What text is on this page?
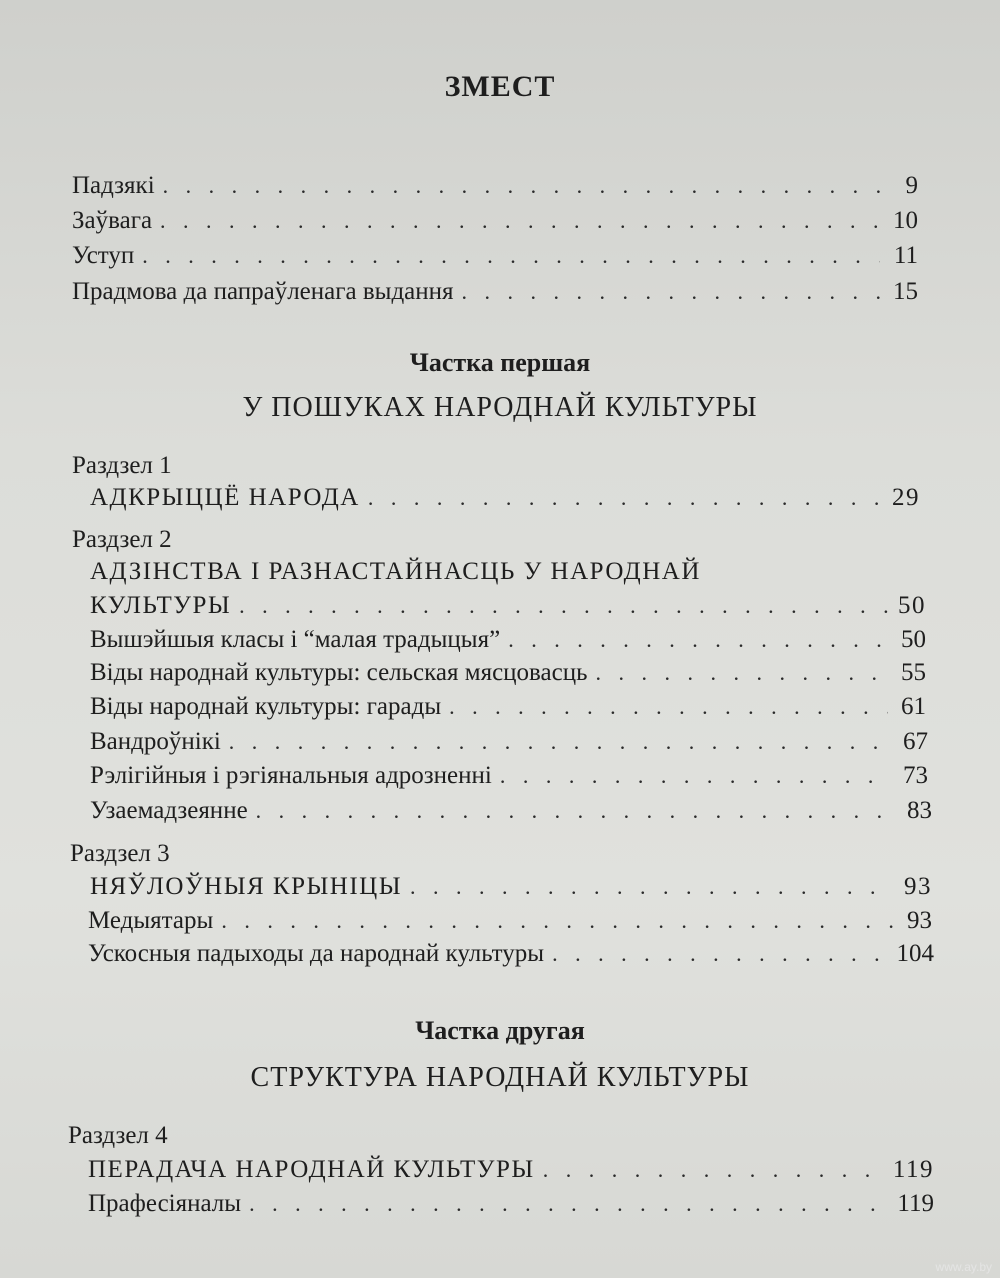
ЗМЕСТ
Падзякі . . .	9
Заўвага . . .	10
Уступ . . .	11
Прадмова да папраўленага выдання . . .	15
Частка першая
У ПОШУКАХ НАРОДНАЙ КУЛЬТУРЫ
Раздзел 1
АДКРЫЦЦЁ НАРОДА . . .	29
Раздзел 2
АДЗІНСТВА І РАЗНАСТАЙНАСЦЬ У НАРОДНАЙ
КУЛЬТУРЫ . . .	50
Вышэйшыя класы і “малая традыцыя” . . .	50
Віды народнай культуры: сельская мясцовасць . . .	55
Віды народнай культуры: гарады . . .	61
Вандроўнікі . . .	67
Рэлігійныя і рэгіянальныя адрозненні . . .	73
Узаемадзеянне . . .	83
Раздзел 3
НЯЎЛОЎНЫЯ КРЫНІЦЫ . . .	93
Медыятары . . .	93
Ускосныя падыходы да народнай культуры . . .	104
Частка другая
СТРУКТУРА НАРОДНАЙ КУЛЬТУРЫ
Раздзел 4
ПЕРАДАЧА НАРОДНАЙ КУЛЬТУРЫ . . .	119
Прафесіяналы . . .	119
www.ay.by
